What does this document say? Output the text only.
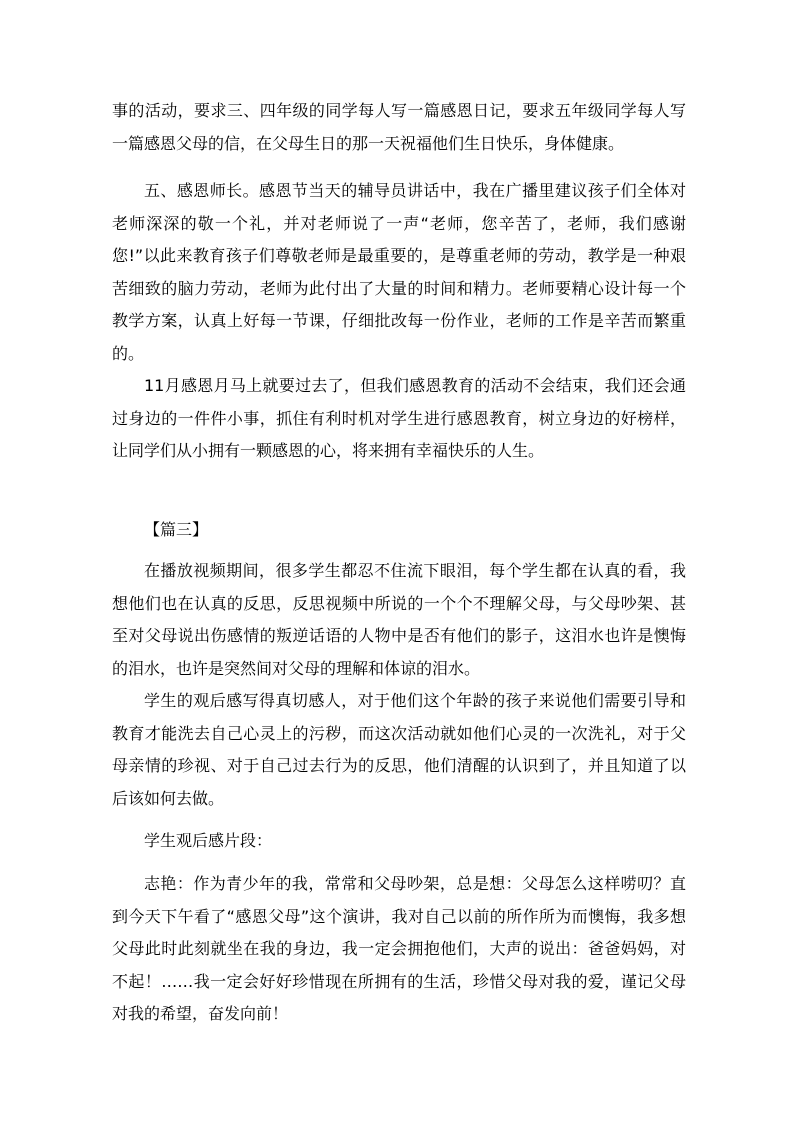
事的活动，要求三、四年级的同学每人写一篇感恩日记，要求五年级同学每人写一篇感恩父母的信，在父母生日的那一天祝福他们生日快乐，身体健康。

五、感恩师长。感恩节当天的辅导员讲话中，我在广播里建议孩子们全体对老师深深的敬一个礼，并对老师说了一声“老师，您辛苦了，老师，我们感谢您!”以此来教育孩子们尊敬老师是最重要的，是尊重老师的劳动，教学是一种艰苦细致的脑力劳动，老师为此付出了大量的时间和精力。老师要精心设计每一个教学方案，认真上好每一节课，仔细批改每一份作业，老师的工作是辛苦而繁重的。

11月感恩月马上就要过去了，但我们感恩教育的活动不会结束，我们还会通过身边的一件件小事，抓住有利时机对学生进行感恩教育，树立身边的好榜样，让同学们从小拥有一颗感恩的心，将来拥有幸福快乐的人生。

【篇三】

在播放视频期间，很多学生都忍不住流下眼泪，每个学生都在认真的看，我想他们也在认真的反思，反思视频中所说的一个个不理解父母，与父母吵架、甚至对父母说出伤感情的叛逆话语的人物中是否有他们的影子，这泪水也许是懊悔的泪水，也许是突然间对父母的理解和体谅的泪水。

学生的观后感写得真切感人，对于他们这个年龄的孩子来说他们需要引导和教育才能洗去自己心灵上的污秽，而这次活动就如他们心灵的一次洗礼，对于父母亲情的珍视、对于自己过去行为的反思，他们清醒的认识到了，并且知道了以后该如何去做。

学生观后感片段：

志艳：作为青少年的我，常常和父母吵架，总是想：父母怎么这样唠叨？直到今天下午看了“感恩父母”这个演讲，我对自己以前的所作所为而懊悔，我多想父母此时此刻就坐在我的身边，我一定会拥抱他们，大声的说出：爸爸妈妈，对不起！……我一定会好好珍惜现在所拥有的生活，珍惜父母对我的爱，谨记父母对我的希望，奋发向前！
